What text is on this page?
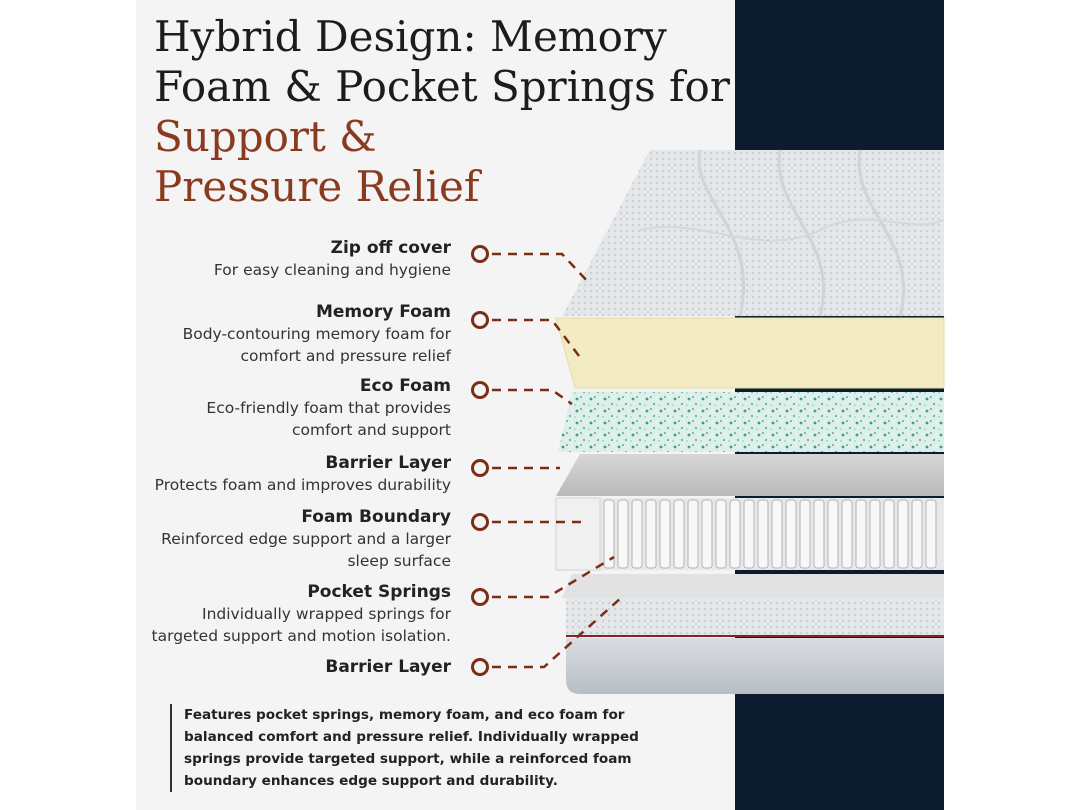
Hybrid Design: Memory
Foam & Pocket Springs for
Support &
Pressure Relief
Zip off cover
For easy cleaning and hygiene
Memory Foam
Body-contouring memory foam for
comfort and pressure relief
Eco Foam
Eco-friendly foam that provides
comfort and support
Barrier Layer
Protects foam and improves durability
Foam Boundary
Reinforced edge support and a larger
sleep surface
Pocket Springs
Individually wrapped springs for
targeted support and motion isolation.
Barrier Layer
Features pocket springs, memory foam, and eco foam for
balanced comfort and pressure relief. Individually wrapped
springs provide targeted support, while a reinforced foam
boundary enhances edge support and durability.
